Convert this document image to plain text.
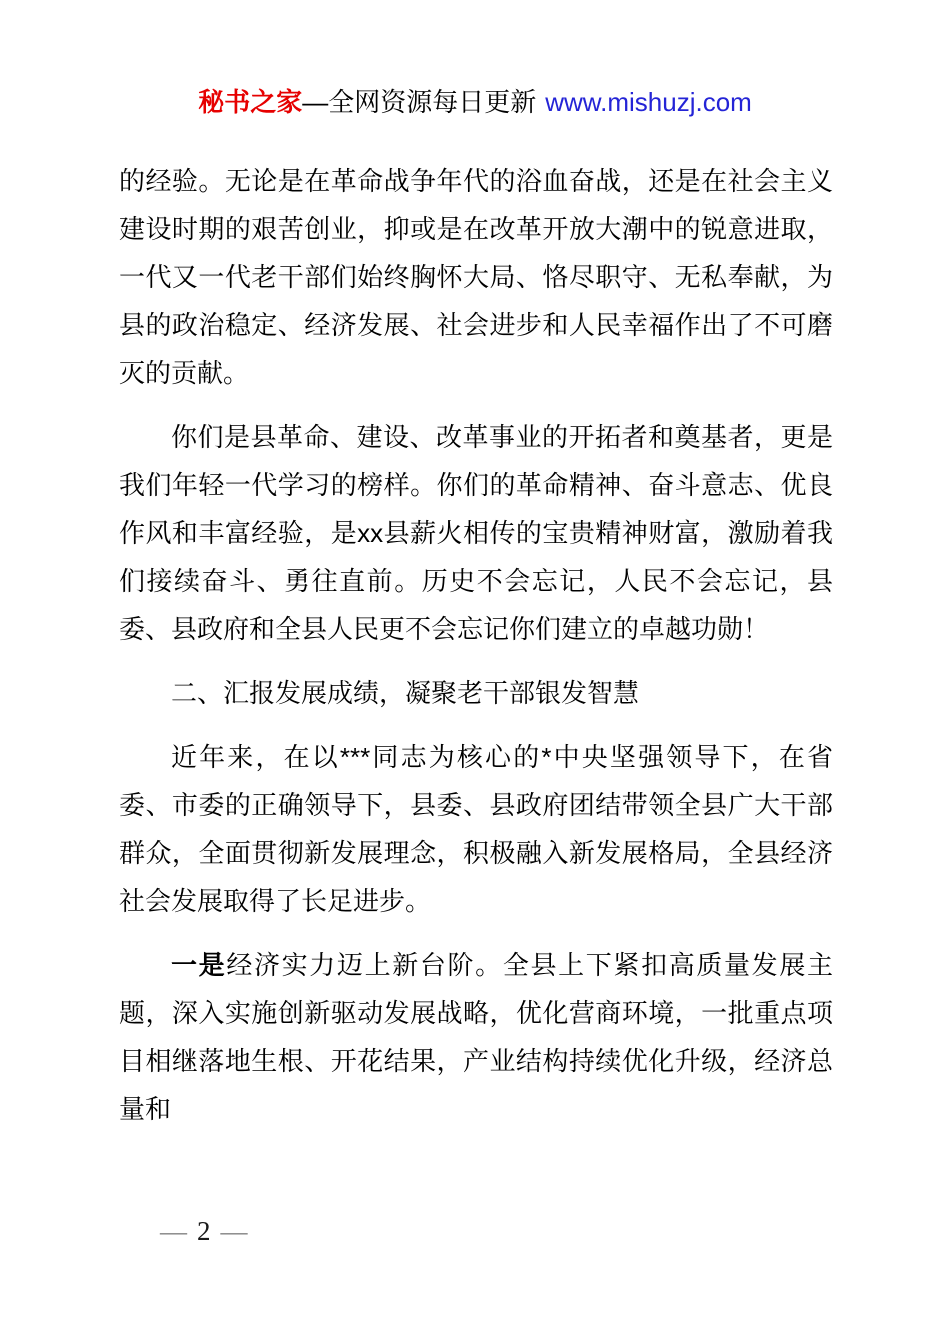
秘书之家—全网资源每日更新 www.mishuzj.com

的经验。无论是在革命战争年代的浴血奋战，还是在社会主义建设时期的艰苦创业，抑或是在改革开放大潮中的锐意进取，一代又一代老干部们始终胸怀大局、恪尽职守、无私奉献，为县的政治稳定、经济发展、社会进步和人民幸福作出了不可磨灭的贡献。

你们是县革命、建设、改革事业的开拓者和奠基者，更是我们年轻一代学习的榜样。你们的革命精神、奋斗意志、优良作风和丰富经验，是xx县薪火相传的宝贵精神财富，激励着我们接续奋斗、勇往直前。历史不会忘记，人民不会忘记，县委、县政府和全县人民更不会忘记你们建立的卓越功勋！

二、汇报发展成绩，凝聚老干部银发智慧

近年来，在以***同志为核心的*中央坚强领导下，在省委、市委的正确领导下，县委、县政府团结带领全县广大干部群众，全面贯彻新发展理念，积极融入新发展格局，全县经济社会发展取得了长足进步。

一是经济实力迈上新台阶。全县上下紧扣高质量发展主题，深入实施创新驱动发展战略，优化营商环境，一批重点项目相继落地生根、开花结果，产业结构持续优化升级，经济总量和

— 2 —
